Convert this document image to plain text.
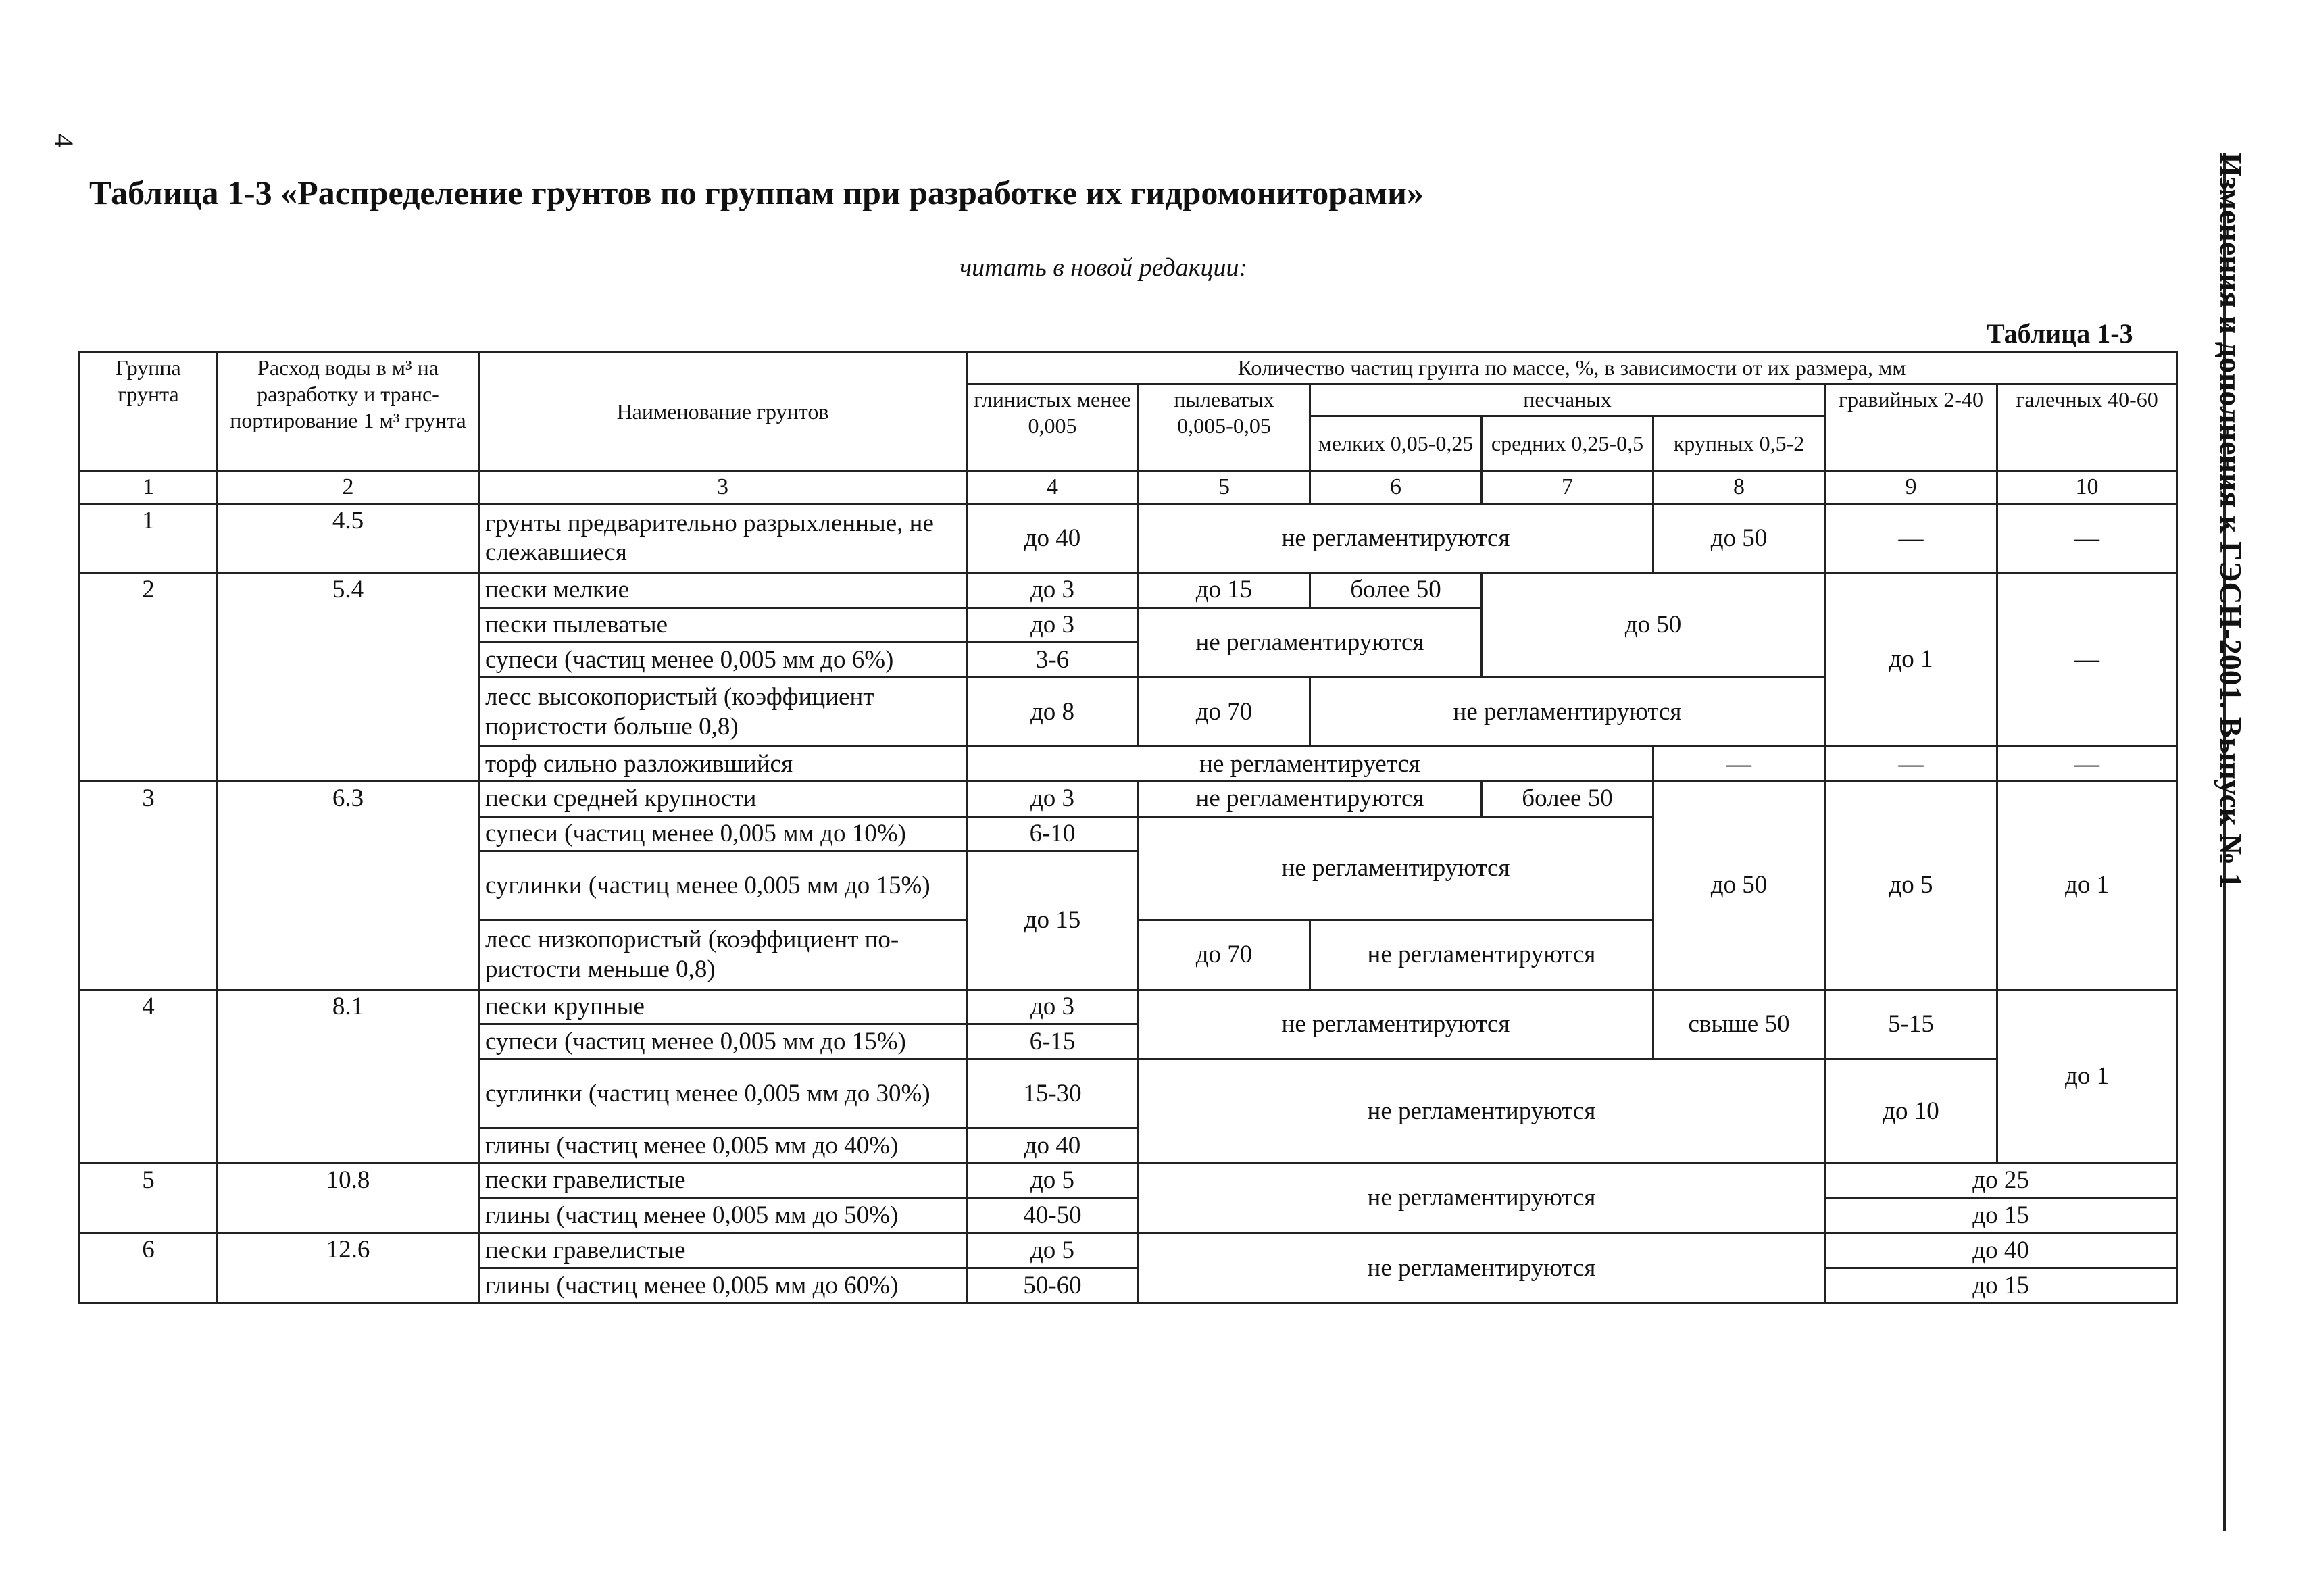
4
Таблица 1-3 «Распределение грунтов по группам при разработке их гидромониторами»
читать в новой редакции:
Таблица 1-3	Изменения и дополнения к ГЭСН-2001. Выпуск № 1
Группа грунта	Расход воды в м³ на разработку и транс-портирование 1 м³ грунта	Наименование грунтов	Количество частиц грунта по массе, %, в зависимости от их размера, мм						
			глинистых менее 0,005	пылеватых 0,005-0,05	песчаных			гравийных 2-40	галечных 40-60
					мелких 0,05-0,25	средних 0,25-0,5	крупных 0,5-2		
1	2	3	4	5	6	7	8	9	10
1	4.5	грунты предварительно разрыхленные, не слежавшиеся	до 40	не регламентируются			до 50	—	—
2	5.4	пески мелкие	до 3	до 15	более 50	до 50		до 1	—
		пески пылеватые	до 3	не регламентируются					
		супеси (частиц менее 0,005 мм до 6%)	3-6						
		лесс высокопористый (коэффициент пористости больше 0,8)	до 8	до 70	не регламентируются				
		торф сильно разложившийся	не регламентируется				—	—	—
3	6.3	пески средней крупности	до 3	не регламентируются		более 50	до 50	до 5	до 1
		супеси (частиц менее 0,005 мм до 10%)	6-10	не регламентируются					
		суглинки (частиц менее 0,005 мм до 15%)	до 15						
		лесс низкопористый (коэффициент по-ристости меньше 0,8)		до 70	не регламентируются				
4	8.1	пески крупные	до 3	не регламентируются			свыше 50	5-15	до 1
		супеси (частиц менее 0,005 мм до 15%)	6-15						
		суглинки (частиц менее 0,005 мм до 30%)	15-30	не регламентируются				до 10	
		глины (частиц менее 0,005 мм до 40%)	до 40						
5	10.8	пески гравелистые	до 5	не регламентируются				до 25	
		глины (частиц менее 0,005 мм до 50%)	40-50					до 15	
6	12.6	пески гравелистые	до 5	не регламентируются				до 40	
		глины (частиц менее 0,005 мм до 60%)	50-60					до 15	
